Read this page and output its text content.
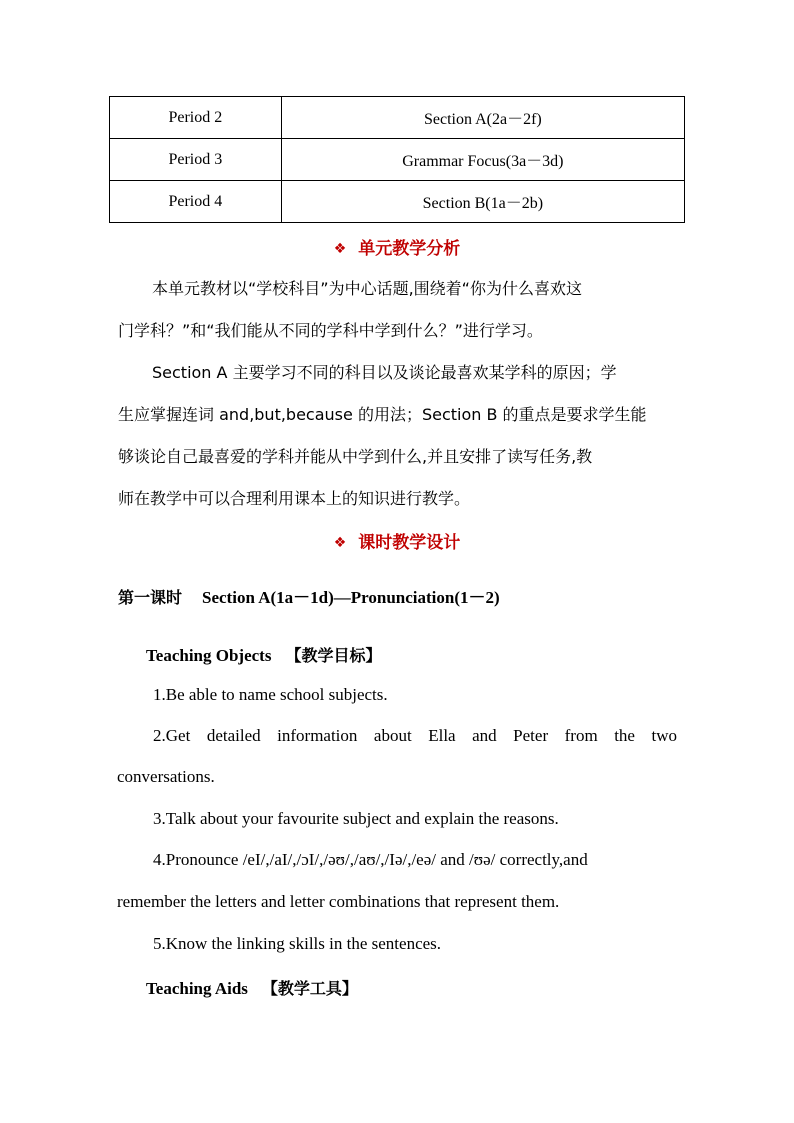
Period 2	Section A(2a－2f)
Period 3	Grammar Focus(3a－3d)
Period 4	Section B(1a－2b)
❖ 单元教学分析
本单元教材以“学校科目”为中心话题,围绕着“你为什么喜欢这
门学科？”和“我们能从不同的学科中学到什么？”进行学习。
Section A 主要学习不同的科目以及谈论最喜欢某学科的原因；学
生应掌握连词 and,but,because 的用法；Section B 的重点是要求学生能
够谈论自己最喜爱的学科并能从中学到什么,并且安排了读写任务,教
师在教学中可以合理利用课本上的知识进行教学。
❖ 课时教学设计
第一课时 Section A(1a－1d)—Pronunciation(1－2)
Teaching Objects 【教学目标】
1.Be able to name school subjects.
2.Get detailed information about Ella and Peter from the two
conversations.
3.Talk about your favourite subject and explain the reasons.
4.Pronounce /eI/,/aI/,/ɔI/,/əʊ/,/aʊ/,/Iə/,/eə/ and /ʊə/ correctly,and
remember the letters and letter combinations that represent them.
5.Know the linking skills in the sentences.
Teaching Aids 【教学工具】
